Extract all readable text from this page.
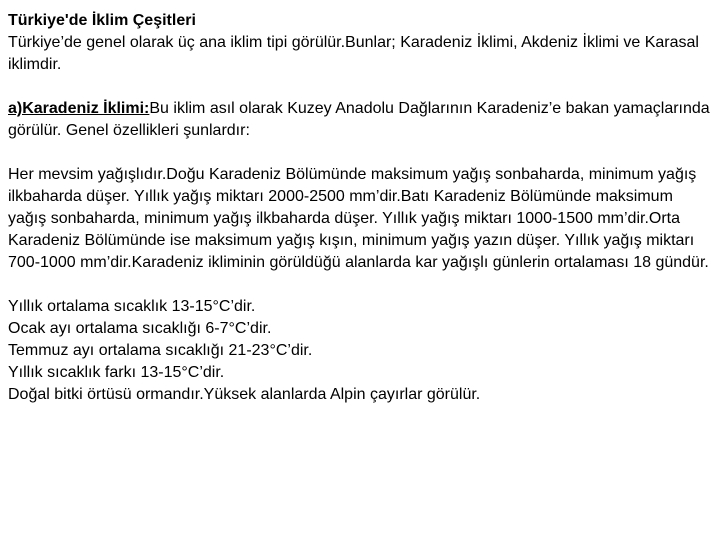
Türkiye'de İklim Çeşitleri

Türkiye’de genel olarak üç ana iklim tipi görülür.Bunlar; Karadeniz İklimi, Akdeniz İklimi ve Karasal iklimdir.

a)Karadeniz İklimi:Bu iklim asıl olarak Kuzey Anadolu Dağlarının Karadeniz’e bakan yamaçlarında görülür. Genel özellikleri şunlardır:

Her mevsim yağışlıdır.Doğu Karadeniz Bölümünde maksimum yağış sonbaharda, minimum yağış ilkbaharda düşer. Yıllık yağış miktarı 2000-2500 mm’dir.Batı Karadeniz Bölümünde maksimum yağış sonbaharda, minimum yağış ilkbaharda düşer. Yıllık yağış miktarı 1000-1500 mm’dir.Orta Karadeniz Bölümünde ise maksimum yağış kışın, minimum yağış yazın düşer. Yıllık yağış miktarı 700-1000 mm’dir.Karadeniz ikliminin görüldüğü alanlarda kar yağışlı günlerin ortalaması 18 gündür.

Yıllık ortalama sıcaklık 13-15°C’dir.

Ocak ayı ortalama sıcaklığı 6-7°C’dir.

Temmuz ayı ortalama sıcaklığı 21-23°C’dir.

Yıllık sıcaklık farkı 13-15°C’dir.

Doğal bitki örtüsü ormandır.Yüksek alanlarda Alpin çayırlar görülür.
